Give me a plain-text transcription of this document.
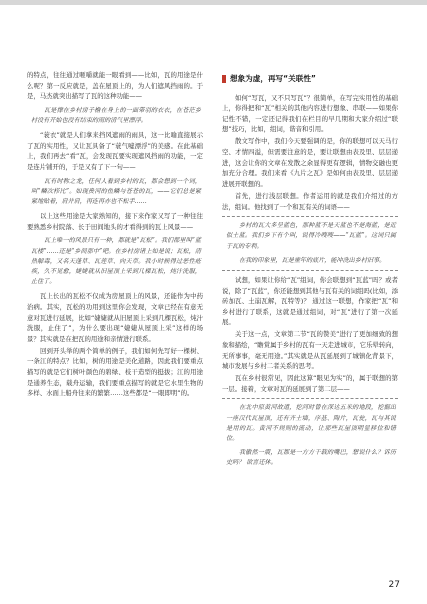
的特点，往往通过咂嚼就能一眼看到——比如，瓦的用途是什么呢？第一反应就是，盖在屋顶上的，为人们遮风挡雨的。于是，马杰就突出描写了瓦的这种功能——

瓦是撑在乡村房子檐在身上的一面带羽的衣衣，在苍茫乡村没有开始也没有结束的雨的清气里漂浮。

“蓑衣”就是人们拿来挡风遮雨的雨具，这一比喻直接展示了瓦的实用性，又让瓦具备了“蓑气嘘漂浮”的美感。在此基础上，我们再去“看”瓦，会发现瓦要实现遮风挡雨的功能，一定是连片铺开的，于是又有了下一句——

瓦有时称之龙，任何人看到乡村的瓦，都会想到一个词，叫“鳞次栉比”。如现贵河的鱼鳞与苍苍的瓦，——它们总是紧紧地贴着，肩并肩，再连再亦也不松手……

以上这些用途是大家熟知的，接下来作家又写了一种往往要熟悉乡村院落、长于田间地头的才看得到的瓦上风景——

瓦上唯一的风景只有一种，都就是“瓦松”。我们都里叫“蓝瓦楼”……还是“乡间那中”吧。在乡村房诸上如是说；瓦松，清热解毒，又名天蓬草、瓦莲草、向天草。我小时候得过恶性疮疾，久不见愈，婕婕就从旧屋顶上采到几棵瓦松，炖汁洗服，止住了。

瓦上长出的瓦松不仅成为房屋顶上的风景，还能作为中药治病。其实，瓦松的功用到这里你会发现，文章已经在有意无意对瓦进行延展，比如“婕婕就从旧屋顶上采到几棵瓦松，炖汁洗服，止住了”，为什么要出现“婕婕从屋顶上采”这样的场景？其实就是在把瓦的用途和亲情进行联系。

回到开头举的两个简单的例子，我们如何先写好一棵树、一条江的特点？比如，树的用途是美化道路，因此我们要重点描写的就是它们树叶颜色的碧绿、枝干造型的挺拔；江的用途是通养生态，载舟运输，我们要重点描写的就是它水里生物的多样、水面上船舟往来的繁繁……这些都是“一眼即明”的。

想象为虚，再写“关联性”

如何“写瓦，又不只写瓦”？很简单，在写完实用性的基础上，你得把和“瓦”相关的其他内容进行想象、串联——如果你记性不错，一定还记得我们在栏目的早几期和大家介绍过“联想”技巧，比如，组词，谐音和引用。

散文写作中，我们今天要强调的是，你的联想可以天马行空、才情四溢，但需要注意的是，要让联想由表及里、层层递进，这会让你的文章在发散之余显得更有逻辑，情物交融也更加充分合理。我们来看《九片之瓦》是如何由表及里、层层递进展开联想的。

首先，进行浅层联想。作者运用的就是我们介绍过的方法，组词。他找到了一个和瓦有关的词语——

乡村的瓦大多呈蓝色，那种蓝不是天蓝也不是海蓝，是近似土蓝。我们乡下有个叫，说得冷嗖嗖——“瓦蓝”。这词只属于瓦的专利。

在我的印象里，瓦是童年的底片，能冲洗出乡村旧事。

试想，如果让你给“瓦”组词，你会联想到“瓦蓝”吗？或者说，除了“瓦蓝”，你还能想到其他与瓦有关的词组吗(比如，添砖加瓦、土崩瓦解，瓦特等)？ 通过这一联想，作家把“瓦”和乡村进行了联系，这就是通过组词，对“瓦”进行了第一次延展。

关于这一点，文章第二节“瓦的赞美”进行了更加细致的想象和描绘，“瞻赏属于乡村的瓦有一天走进城市，它乐晕转向，无所事事，毫无用途。”其实就是从瓦延展到了城镇化背景下，城市发展与乡村二者关系的思考。

瓦在乡村很常见，因此这算“眼见为实”的，属于联想的第一层。接着，文章对瓦的延展到了第二层——

在北中原黄河故道，挖河时曾在深达五米的地段，挖掘出一座汉代瓦屋顶，还有齐土墙，序基、陶片，瓦瓮，瓦与其说是用的瓦。黄河不规则的流动，让那些瓦屋顶明显移位和错位。

我徽然一震，瓦都是一方方千载的嘴巴，想说什么？诉历史吗？ 欲言还休。

27
